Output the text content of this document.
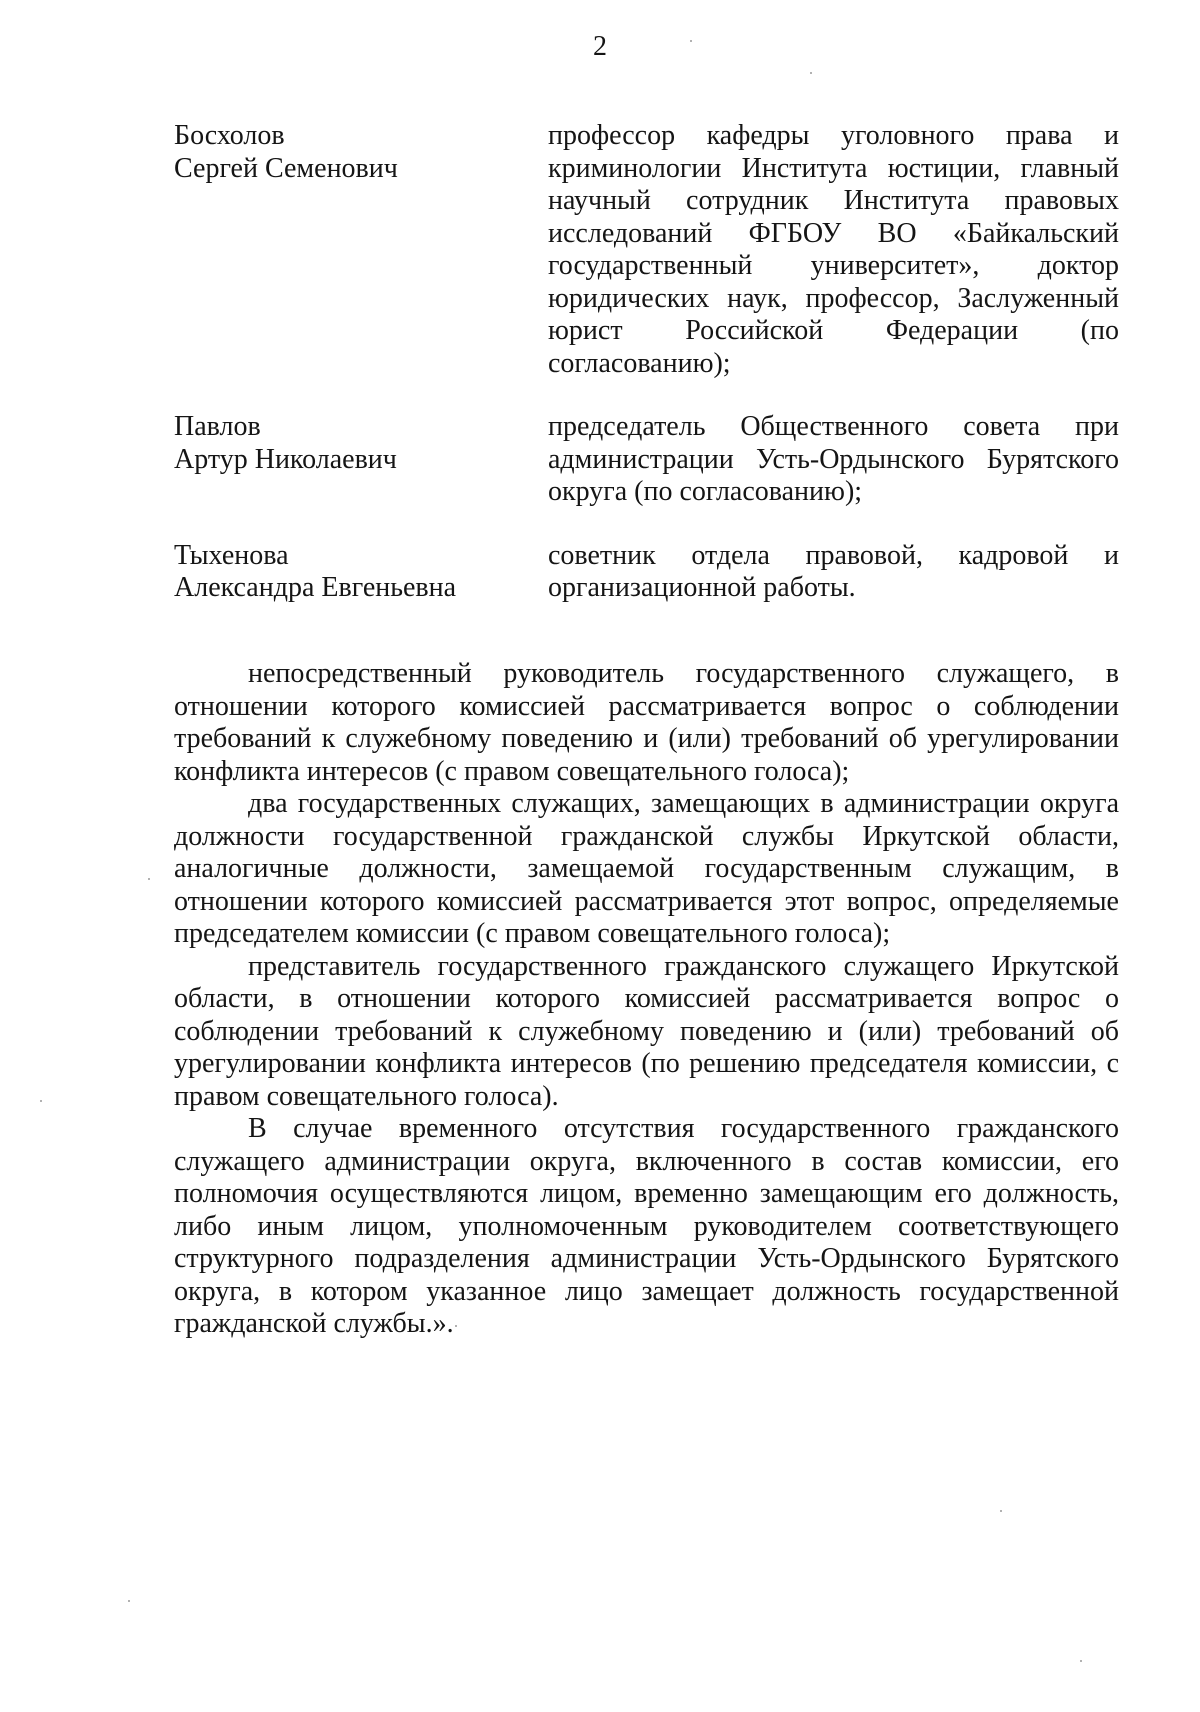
2
Босхолов
Сергей Семенович
профессор кафедры уголовного права и криминологии Института юстиции, главный научный сотрудник Института правовых исследований ФГБОУ ВО «Байкальский государственный университет», доктор юридических наук, профессор, Заслуженный юрист Российской Федерации (по согласованию);
Павлов
Артур Николаевич
председатель Общественного совета при администрации Усть-Ордынского Бурятского округа (по согласованию);
Тыхенова
Александра Евгеньевна
советник отдела правовой, кадровой и организационной работы.

непосредственный руководитель государственного служащего, в отношении которого комиссией рассматривается вопрос о соблюдении требований к служебному поведению и (или) требований об урегулировании конфликта интересов (с правом совещательного голоса);

два государственных служащих, замещающих в администрации округа должности государственной гражданской службы Иркутской области, аналогичные должности, замещаемой государственным служащим, в отношении которого комиссией рассматривается этот вопрос, определяемые председателем комиссии (с правом совещательного голоса);

представитель государственного гражданского служащего Иркутской области, в отношении которого комиссией рассматривается вопрос о соблюдении требований к служебному поведению и (или) требований об урегулировании конфликта интересов (по решению председателя комиссии, с правом совещательного голоса).

В случае временного отсутствия государственного гражданского служащего администрации округа, включенного в состав комиссии, его полномочия осуществляются лицом, временно замещающим его должность, либо иным лицом, уполномоченным руководителем соответствующего структурного подразделения администрации Усть-Ордынского Бурятского округа, в котором указанное лицо замещает должность государственной гражданской службы.».
